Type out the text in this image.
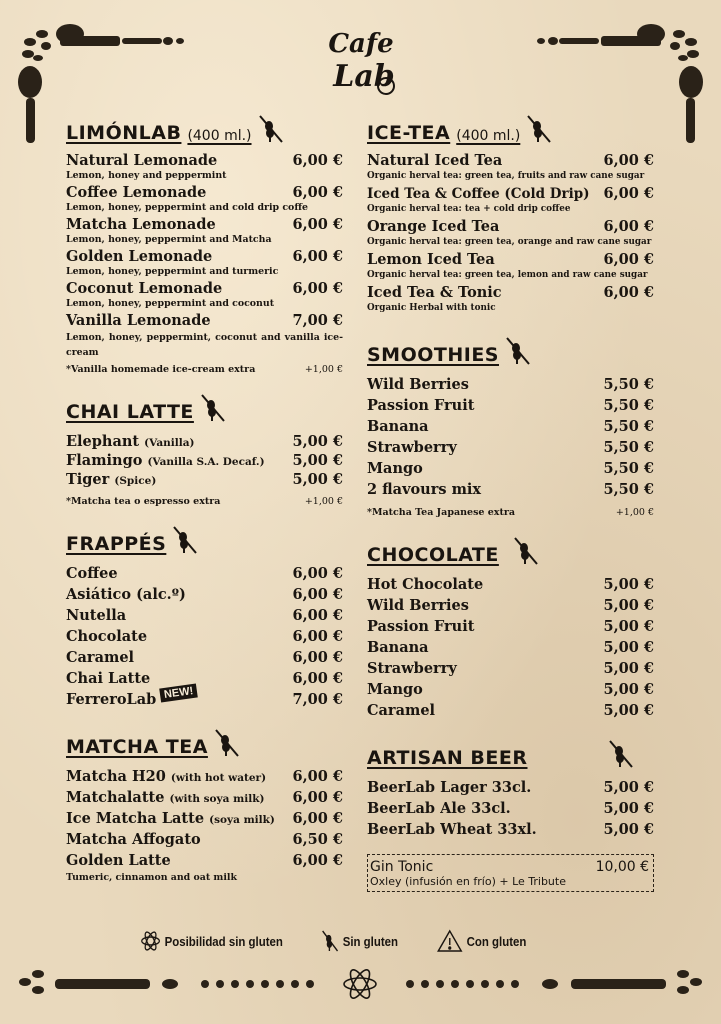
Cafe
Lab
LIMÓNLAB (400 ml.)
Natural Lemonade	6,00 €
Lemon, honey and peppermint
Coffee Lemonade	6,00 €
Lemon, honey, peppermint and cold drip coffe
Matcha Lemonade	6,00 €
Lemon, honey, peppermint and Matcha
Golden Lemonade	6,00 €
Lemon, honey, peppermint and turmeric
Coconut Lemonade	6,00 €
Lemon, honey, peppermint and coconut
Vanilla Lemonade	7,00 €
Lemon, honey, peppermint, coconut and vanilla ice-cream
*Vanilla homemade ice-cream extra	+1,00 €
CHAI LATTE
Elephant (Vanilla)	5,00 €
Flamingo (Vanilla S.A. Decaf.) 5,00 €
Tiger (Spice)	5,00 €
*Matcha tea o espresso extra	+1,00 €
FRAPPÉS
Coffee	6,00 €
Asiático (alc.º)	6,00 €
Nutella	6,00 €
Chocolate	6,00 €
Caramel	6,00 €
Chai Latte	6,00 €
FerreroLab NEW!	7,00 €
MATCHA TEA
Matcha H20 (with hot water) 6,00 €
Matchalatte (with soya milk) 6,00 €
Ice Matcha Latte (soya milk) 6,00 €
Matcha Affogato	6,50 €
Golden Latte	6,00 €
Tumeric, cinnamon and oat milk
ICE-TEA (400 ml.)
Natural Iced Tea	6,00 €
Organic herval tea: green tea, fruits and raw cane sugar
Iced Tea & Coffee (Cold Drip) 6,00 €
Organic herval tea: tea + cold drip coffee
Orange Iced Tea	6,00 €
Organic herval tea: green tea, orange and raw cane sugar
Lemon Iced Tea	6,00 €
Organic herval tea: green tea, lemon and raw cane sugar
Iced Tea & Tonic	6,00 €
Organic Herbal with tonic
SMOOTHIES
Wild Berries	5,50 €
Passion Fruit	5,50 €
Banana	5,50 €
Strawberry	5,50 €
Mango	5,50 €
2 flavours mix	5,50 €
*Matcha Tea Japanese extra	+1,00 €
CHOCOLATE
Hot Chocolate	5,00 €
Wild Berries	5,00 €
Passion Fruit	5,00 €
Banana	5,00 €
Strawberry	5,00 €
Mango	5,00 €
Caramel	5,00 €
ARTISAN BEER
BeerLab Lager 33cl.	5,00 €
BeerLab Ale 33cl.	5,00 €
BeerLab Wheat 33xl.	5,00 €
Gin Tonic	10,00 €
Oxley (infusión en frío) + Le Tribute
Posibilidad sin gluten	Sin gluten	Con gluten
